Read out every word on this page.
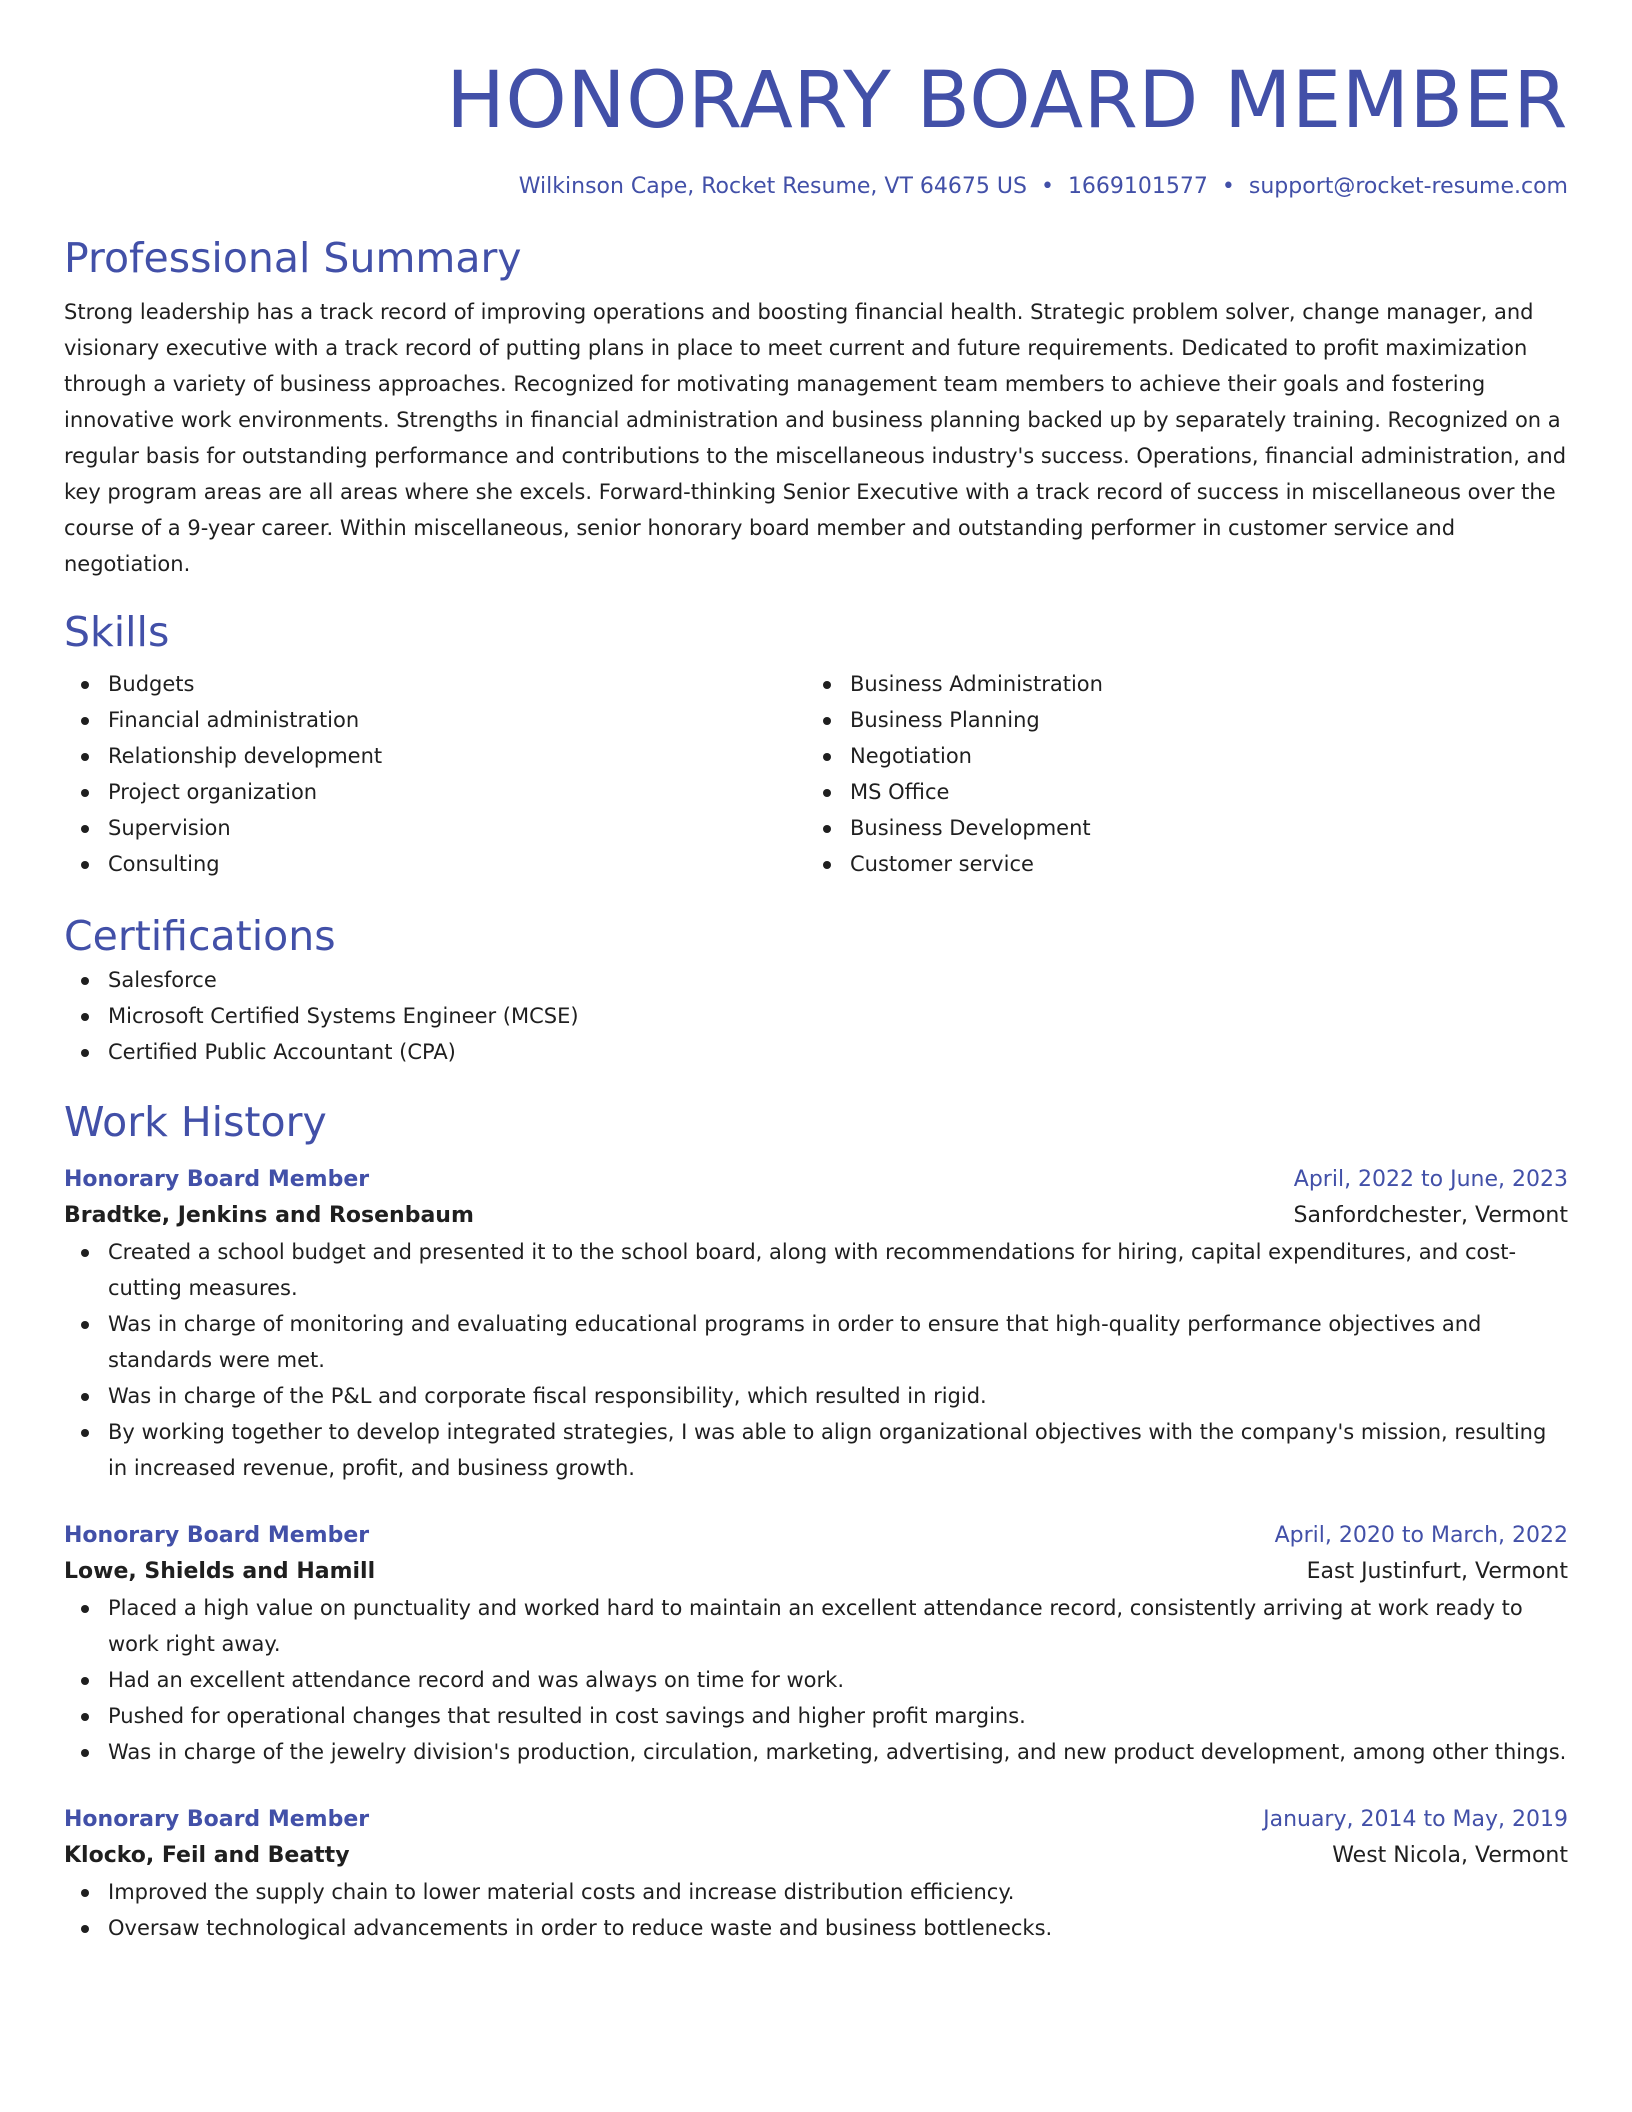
HONORARY BOARD MEMBER
Wilkinson Cape, Rocket Resume, VT 64675 US • 1669101577 • support@rocket-resume.com
Professional Summary

Strong leadership has a track record of improving operations and boosting financial health. Strategic problem solver, change manager, and visionary executive with a track record of putting plans in place to meet current and future requirements. Dedicated to profit maximization through a variety of business approaches. Recognized for motivating management team members to achieve their goals and fostering innovative work environments. Strengths in financial administration and business planning backed up by separately training. Recognized on a regular basis for outstanding performance and contributions to the miscellaneous industry's success. Operations, financial administration, and key program areas are all areas where she excels. Forward-thinking Senior Executive with a track record of success in miscellaneous over the course of a 9-year career. Within miscellaneous, senior honorary board member and outstanding performer in customer service and negotiation.

Skills
Budgets
Financial administration
Relationship development
Project organization
Supervision
Consulting
Business Administration
Business Planning
Negotiation
MS Office
Business Development
Customer service
Certifications
Salesforce
Microsoft Certified Systems Engineer (MCSE)
Certified Public Accountant (CPA)
Work History
Honorary Board Member	April, 2022 to June, 2023
Bradtke, Jenkins and Rosenbaum	Sanfordchester, Vermont
Created a school budget and presented it to the school board, along with recommendations for hiring, capital expenditures, and cost-cutting measures.
Was in charge of monitoring and evaluating educational programs in order to ensure that high-quality performance objectives and standards were met.
Was in charge of the P&L and corporate fiscal responsibility, which resulted in rigid.
By working together to develop integrated strategies, I was able to align organizational objectives with the company's mission, resulting in increased revenue, profit, and business growth.
Honorary Board Member	April, 2020 to March, 2022
Lowe, Shields and Hamill	East Justinfurt, Vermont
Placed a high value on punctuality and worked hard to maintain an excellent attendance record, consistently arriving at work ready to work right away.
Had an excellent attendance record and was always on time for work.
Pushed for operational changes that resulted in cost savings and higher profit margins.
Was in charge of the jewelry division's production, circulation, marketing, advertising, and new product development, among other things.
Honorary Board Member	January, 2014 to May, 2019
Klocko, Feil and Beatty	West Nicola, Vermont
Improved the supply chain to lower material costs and increase distribution efficiency.
Oversaw technological advancements in order to reduce waste and business bottlenecks.
